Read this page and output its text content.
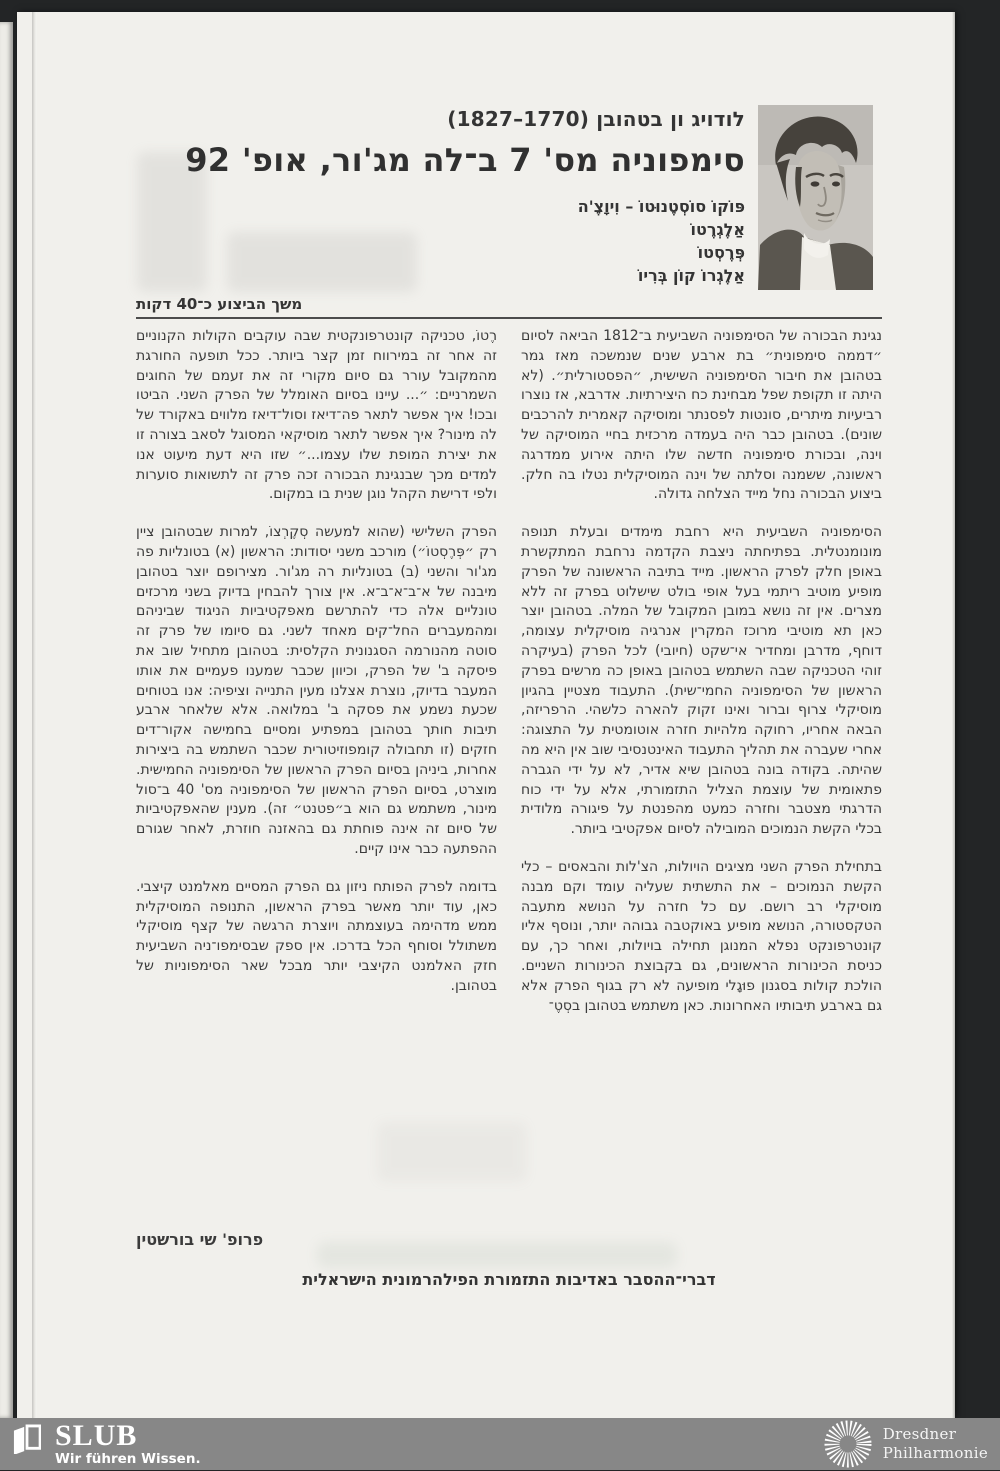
לודויג ון בטהובן (1770–1827)
סימפוניה מס' 7 ב־לה מג'ור, אופ' 92
פּוֹקוֹ סוֹסְטֶנוּטוֹ – וִיוָצֶ'ה
אַלֶגְרֶטוֹ
פְּרֶסְטוֹ
אַלֶגְרוֹ קוֹן בְּרִיוֹ
משך הביצוע כ־40 דקות

נגינת הבכורה של הסימפוניה השביעית ב־1812 הביאה לסיום ״דממה סימפונית״ בת ארבע שנים שנמשכה מאז גמר בטהובן את חיבור הסימפוניה השישית, ״הפסטורלית״. (לא היתה זו תקופת שפל מבחינת כח היצירתיות. אדרבא, אז נוצרו רביעיות מיתרים, סונטות לפסנתר ומוסיקה קאמרית להרכבים שונים). בטהובן כבר היה בעמדה מרכזית בחיי המוסיקה של וינה, ובכורת סימפוניה חדשה שלו היתה אירוע ממדרגה ראשונה, ששמנה וסלתה של וינה המוסיקלית נטלו בה חלק. ביצוע הבכורה נחל מייד הצלחה גדולה.

הסימפוניה השביעית היא רחבת מימדים ובעלת תנופה מונומנטלית. בפתיחתה ניצבת הקדמה נרחבת המתקשרת באופן חלק לפרק הראשון. מייד בתיבה הראשונה של הפרק מופיע מוטיב ריתמי בעל אופי בולט שישלוט בפרק זה ללא מצרים. אין זה נושא במובן המקובל של המלה. בטהובן יוצר כאן תא מוטיבי מרוכז המקרין אנרגיה מוסיקלית עצומה, דוחף, מדרבן ומחדיר אי־שקט (חיובי) לכל הפרק (בעיקרה זוהי הטכניקה שבה השתמש בטהובן באופן כה מרשים בפרק הראשון של הסימפוניה החמי־שית). התעבוד מצטיין בהגיון מוסיקלי צרוף וברור ואינו זקוק להארה כלשהי. הרפריזה, הבאה אחריו, רחוקה מלהיות חזרה אוטומטית על התצוגה: אחרי שעברה את תהליך התעבוד האינטנסיבי שוב אין היא מה שהיתה. בקודה בונה בטהובן שיא אדיר, לא על ידי הגברה פתאומית של עוצמת הצליל התזמורתי, אלא על ידי כוח הדרגתי מצטבר וחזרה כמעט מהפנטת על פיגורה מלודית בכלי הקשת הנמוכים המובילה לסיום אפקטיבי ביותר.

בתחילת הפרק השני מציגים הויולות, הצ'לות והבאסים – כלי הקשת הנמוכים – את התשתית שעליה עומד וקם מבנה מוסיקלי רב רושם. עם כל חזרה על הנושא מתעבה הטקסטורה, הנושא מופיע באוקטבה גבוהה יותר, ונוסף אליו קונטרפונקט נפלא המנוגן תחילה בויולות, ואחר כך, עם כניסת הכינורות הראשונים, גם בקבוצת הכינורות השניים. הולכת קולות בסגנון פוּגָלי מופיעה לא רק בגוף הפרק אלא גם בארבע תיבותיו האחרונות. כאן משתמש בטהובן בסְטֶ־

רֶטוֹ, טכניקה קונטרפונקטית שבה עוקבים הקולות הקנוניים זה אחר זה במירווח זמן קצר ביותר. ככל תופעה החורגת מהמקובל עורר גם סיום מקורי זה את זעמם של החוגים השמרניים: ״... עיינו בסיום האומלל של הפרק השני. הביטו ובכו! איך אפשר לתאר פה־דיאז וסול־דיאז מלווים באקורד של לה מינור? איך אפשר לתאר מוסיקאי המסוגל לסאב בצורה זו את יצירת המופת שלו עצמו...״ שזו היא דעת מיעוט אנו למדים מכך שבנגינת הבכורה זכה פרק זה לתשואות סוערות ולפי דרישת הקהל נוגן שנית בו במקום.

הפרק השלישי (שהוא למעשה סְקֶרְצוֹ, למרות שבטהובן ציין רק ״פְּרֶסְטוֹ״) מורכב משני יסודות: הראשון (א) בטונליות פה מג'ור והשני (ב) בטונליות רה מג'ור. מצירופם יוצר בטהובן מיבנה של א־ב־א־ב־א. אין צורך להבחין בדיוק בשני מרכזים טונליים אלה כדי להתרשם מאפקטיביות הניגוד שביניהם ומהמעברים החל־קים מאחד לשני. גם סיומו של פרק זה סוטה מהנורמה הסגנונית הקלסית: בטהובן מתחיל שוב את פיסקה ב' של הפרק, וכיוון שכבר שמענו פעמיים את אותו המעבר בדיוק, נוצרת אצלנו מעין התנייה וציפיה: אנו בטוחים שכעת נשמע את פסקה ב' במלואה. אלא שלאחר ארבע תיבות חותך בטהובן במפתיע ומסיים בחמישה אקור־דים חזקים (זו תחבולה קומפוזיטורית שכבר השתמש בה ביצירות אחרות, ביניהן בסיום הפרק הראשון של הסימפוניה החמישית. מוצרט, בסיום הפרק הראשון של הסימפוניה מס' 40 ב־סול מינור, משתמש גם הוא ב״פטנט״ זה). מענין שהאפקטיביות של סיום זה אינה פוחתת גם בהאזנה חוזרת, לאחר שגורם ההפתעה כבר אינו קיים.

בדומה לפרק הפותח ניזון גם הפרק המסיים מאלמנט קיצבי. כאן, עוד יותר מאשר בפרק הראשון, התנופה המוסיקלית ממש מדהימה בעוצמתה ויוצרת הרגשה של קצף מוסיקלי משתולל וסוחף הכל בדרכו. אין ספק שבסימפו־ניה השביעית חזק האלמנט הקיצבי יותר מבכל שאר הסימפוניות של בטהובן.

פרופ' שי בורשטין
דברי־ההסבר באדיבות התזמורת הפילהרמונית הישראלית
SLUB
Wir führen Wissen.
Dresdner
Philharmonie
